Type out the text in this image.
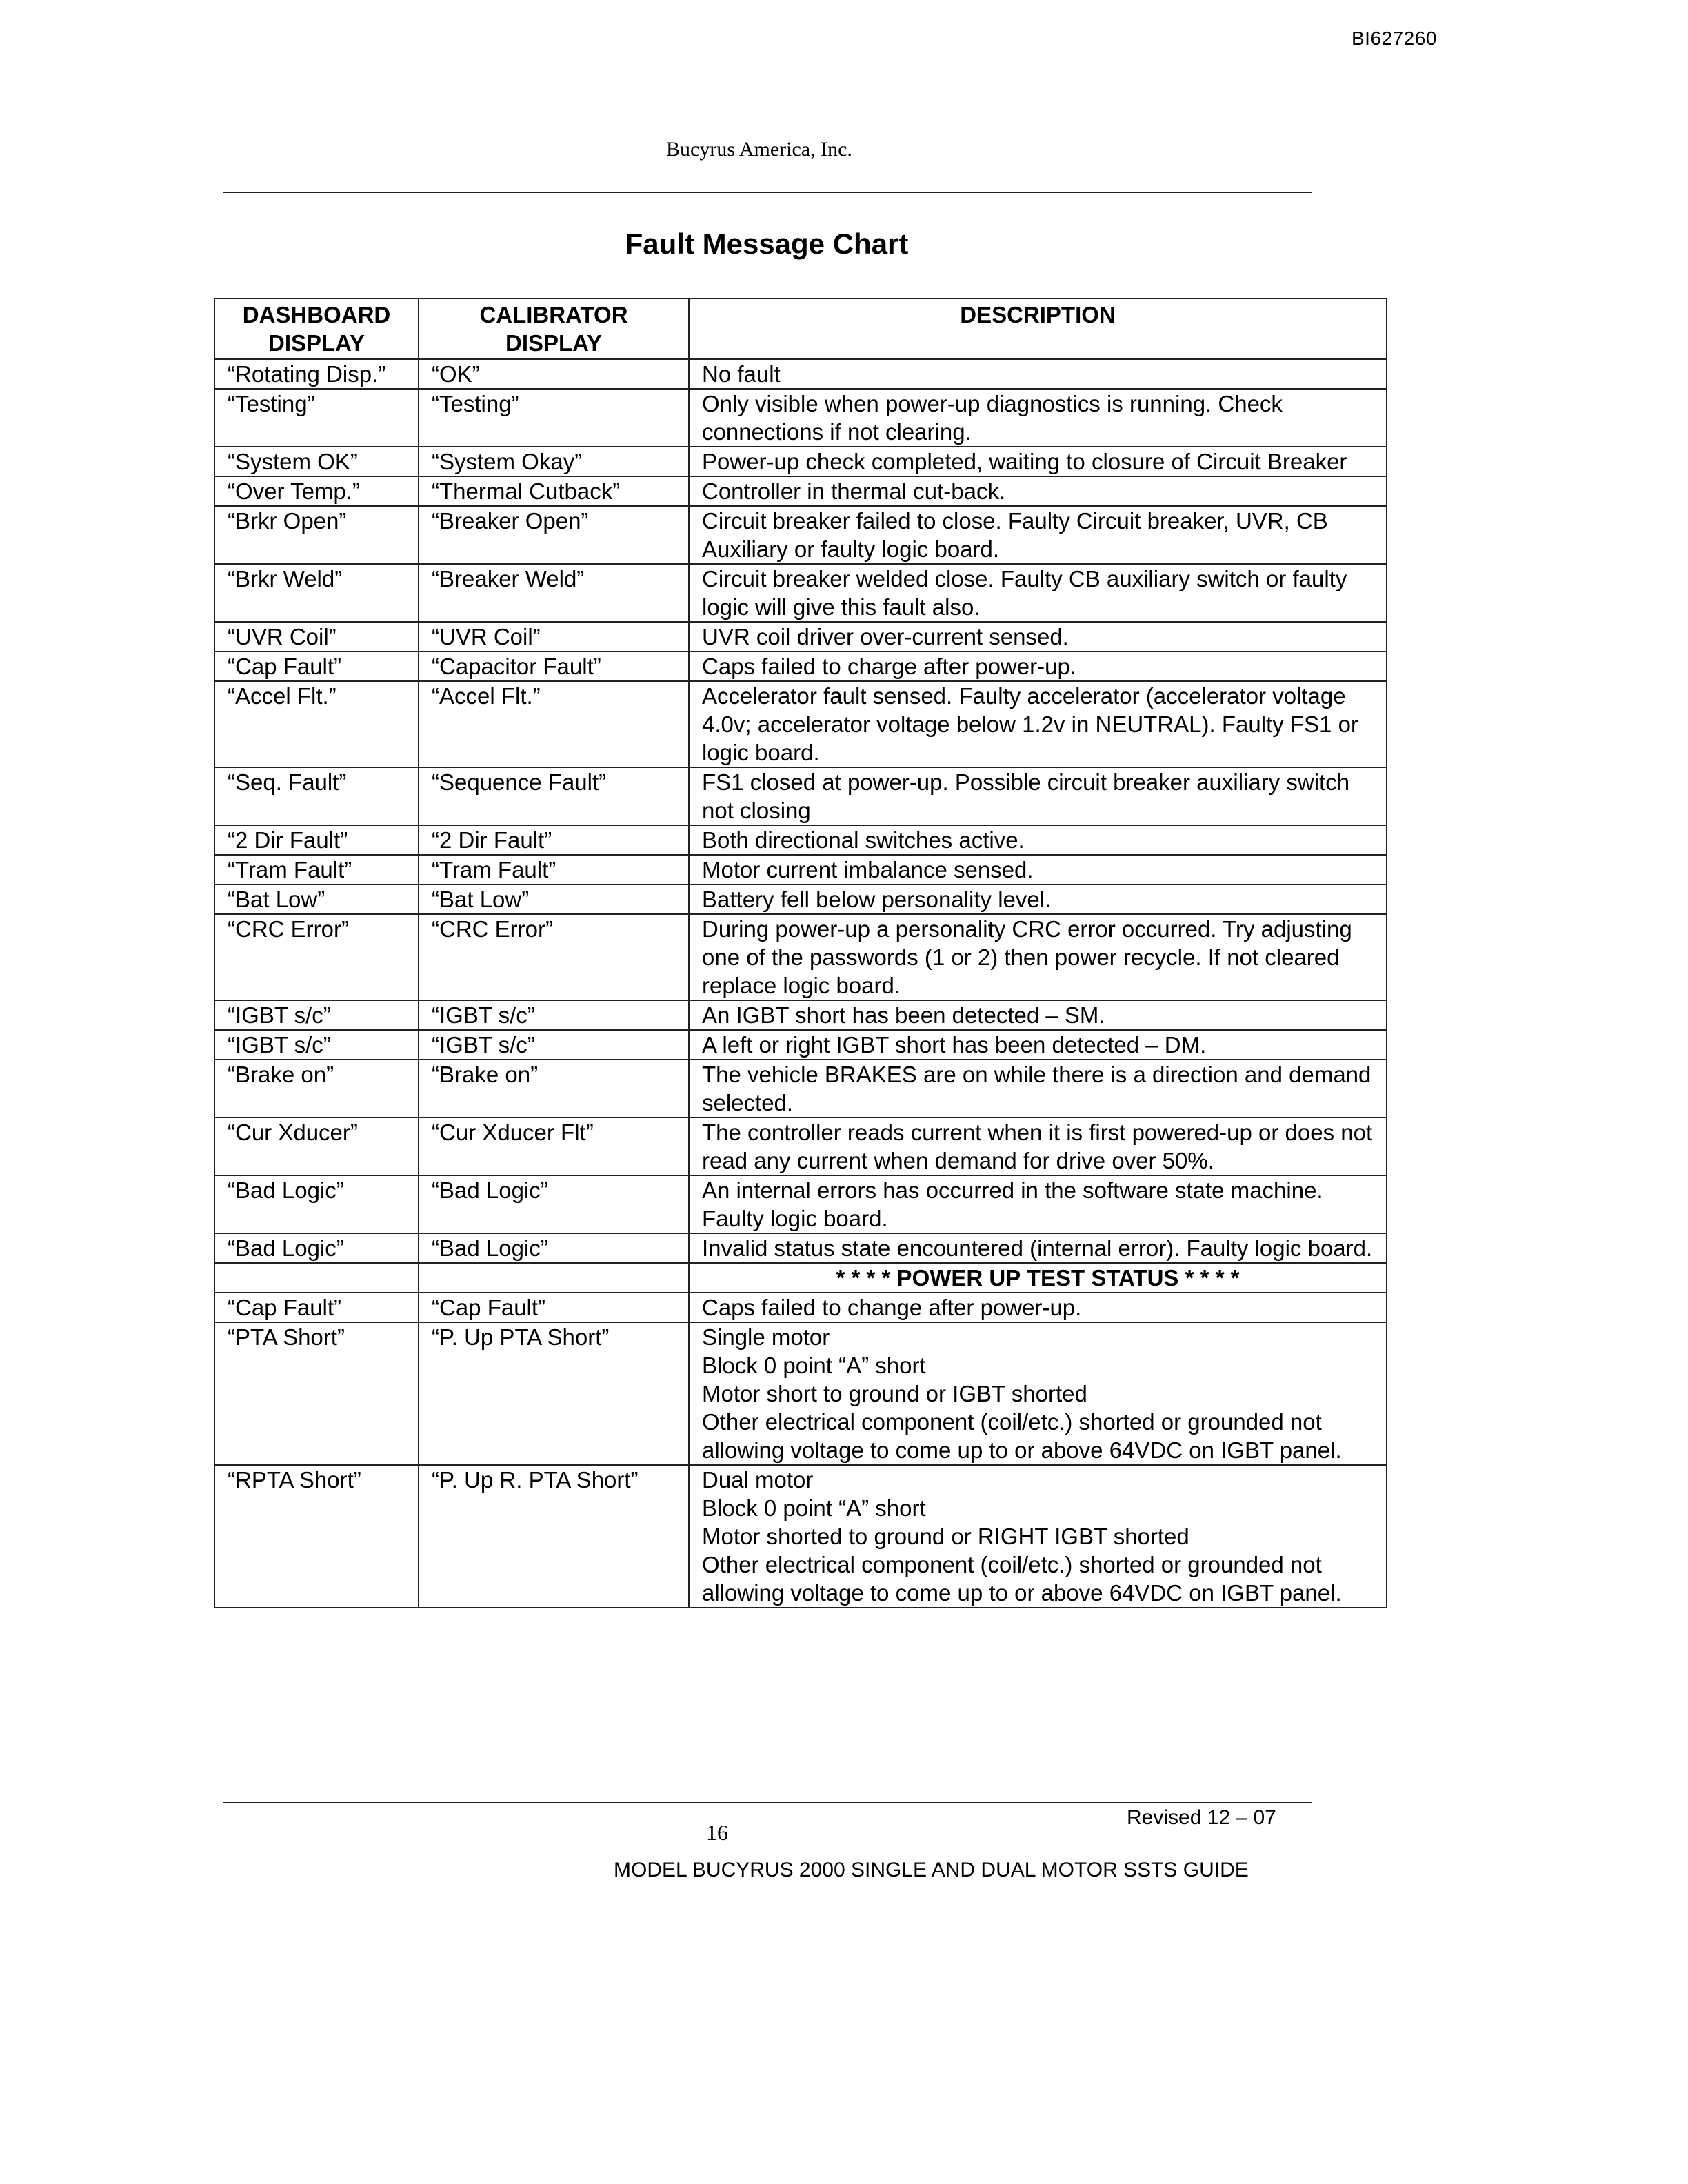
BI627260
Bucyrus America, Inc.
Fault Message Chart
DASHBOARD DISPLAY	CALIBRATOR DISPLAY	DESCRIPTION
“Rotating Disp.”	“OK”	No fault
“Testing”	“Testing”	Only visible when power-up diagnostics is running. Check connections if not clearing.
“System OK”	“System Okay”	Power-up check completed, waiting to closure of Circuit Breaker
“Over Temp.”	“Thermal Cutback”	Controller in thermal cut-back.
“Brkr Open”	“Breaker Open”	Circuit breaker failed to close. Faulty Circuit breaker, UVR, CB Auxiliary or faulty logic board.
“Brkr Weld”	“Breaker Weld”	Circuit breaker welded close. Faulty CB auxiliary switch or faulty logic will give this fault also.
“UVR Coil”	“UVR Coil”	UVR coil driver over-current sensed.
“Cap Fault”	“Capacitor Fault”	Caps failed to charge after power-up.
“Accel Flt.”	“Accel Flt.”	Accelerator fault sensed. Faulty accelerator (accelerator voltage 4.0v; accelerator voltage below 1.2v in NEUTRAL). Faulty FS1 or logic board.
“Seq. Fault”	“Sequence Fault”	FS1 closed at power-up. Possible circuit breaker auxiliary switch not closing
“2 Dir Fault”	“2 Dir Fault”	Both directional switches active.
“Tram Fault”	“Tram Fault”	Motor current imbalance sensed.
“Bat Low”	“Bat Low”	Battery fell below personality level.
“CRC Error”	“CRC Error”	During power-up a personality CRC error occurred. Try adjusting one of the passwords (1 or 2) then power recycle. If not cleared replace logic board.
“IGBT s/c”	“IGBT s/c”	An IGBT short has been detected – SM.
“IGBT s/c”	“IGBT s/c”	A left or right IGBT short has been detected – DM.
“Brake on”	“Brake on”	The vehicle BRAKES are on while there is a direction and demand selected.
“Cur Xducer”	“Cur Xducer Flt”	The controller reads current when it is first powered-up or does not read any current when demand for drive over 50%.
“Bad Logic”	“Bad Logic”	An internal errors has occurred in the software state machine. Faulty logic board.
“Bad Logic”	“Bad Logic”	Invalid status state encountered (internal error). Faulty logic board.
		* * * * POWER UP TEST STATUS * * * *
“Cap Fault”	“Cap Fault”	Caps failed to change after power-up.
“PTA Short”	“P. Up PTA Short”	Single motor
Block 0 point “A” short
Motor short to ground or IGBT shorted
Other electrical component (coil/etc.) shorted or grounded not allowing voltage to come up to or above 64VDC on IGBT panel.
“RPTA Short”	“P. Up R. PTA Short”	Dual motor
Block 0 point “A” short
Motor shorted to ground or RIGHT IGBT shorted
Other electrical component (coil/etc.) shorted or grounded not allowing voltage to come up to or above 64VDC on IGBT panel.
16
Revised 12 – 07
MODEL BUCYRUS 2000 SINGLE AND DUAL MOTOR SSTS GUIDE
